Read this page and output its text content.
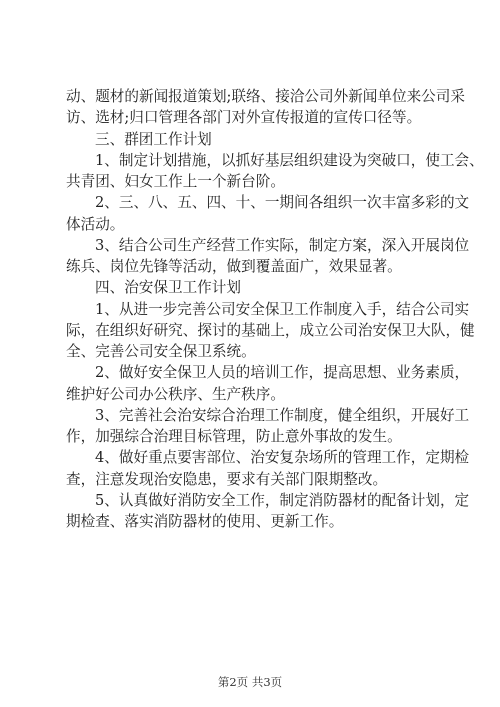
动、题材的新闻报道策划;联络、接洽公司外新闻单位来公司采
访、选材;归口管理各部门对外宣传报道的宣传口径等。
三、群团工作计划
1、制定计划措施，以抓好基层组织建设为突破口，使工会、
共青团、妇女工作上一个新台阶。
2、三、八、五、四、十、一期间各组织一次丰富多彩的文
体活动。
3、结合公司生产经营工作实际，制定方案，深入开展岗位
练兵、岗位先锋等活动，做到覆盖面广，效果显著。
四、治安保卫工作计划
1、从进一步完善公司安全保卫工作制度入手，结合公司实
际，在组织好研究、探讨的基础上，成立公司治安保卫大队，健
全、完善公司安全保卫系统。
2、做好安全保卫人员的培训工作，提高思想、业务素质，
维护好公司办公秩序、生产秩序。
3、完善社会治安综合治理工作制度，健全组织，开展好工
作，加强综合治理目标管理，防止意外事故的发生。
4、做好重点要害部位、治安复杂场所的管理工作，定期检
查，注意发现治安隐患，要求有关部门限期整改。
5、认真做好消防安全工作，制定消防器材的配备计划，定
期检查、落实消防器材的使用、更新工作。
第2页 共3页
